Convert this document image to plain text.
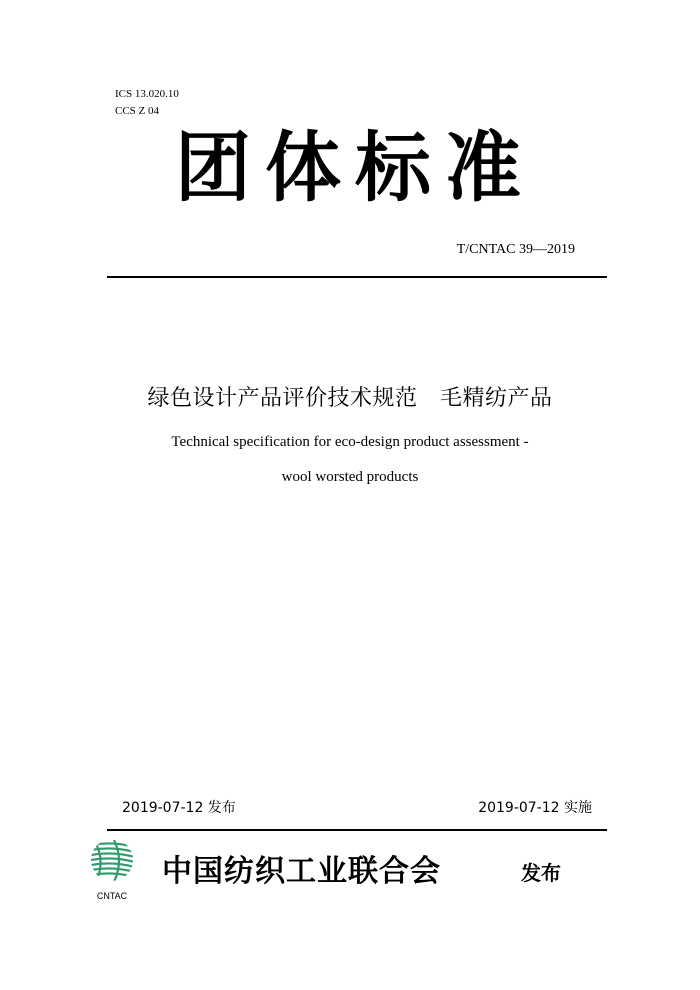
ICS 13.020.10
CCS Z 04
团体标准
T/CNTAC 39—2019
绿色设计产品评价技术规范　毛精纺产品
Technical specification for eco-design product assessment -
wool worsted products
2019-07-12 发布	2019-07-12 实施
CNTAC
中国纺织工业联合会	发布
